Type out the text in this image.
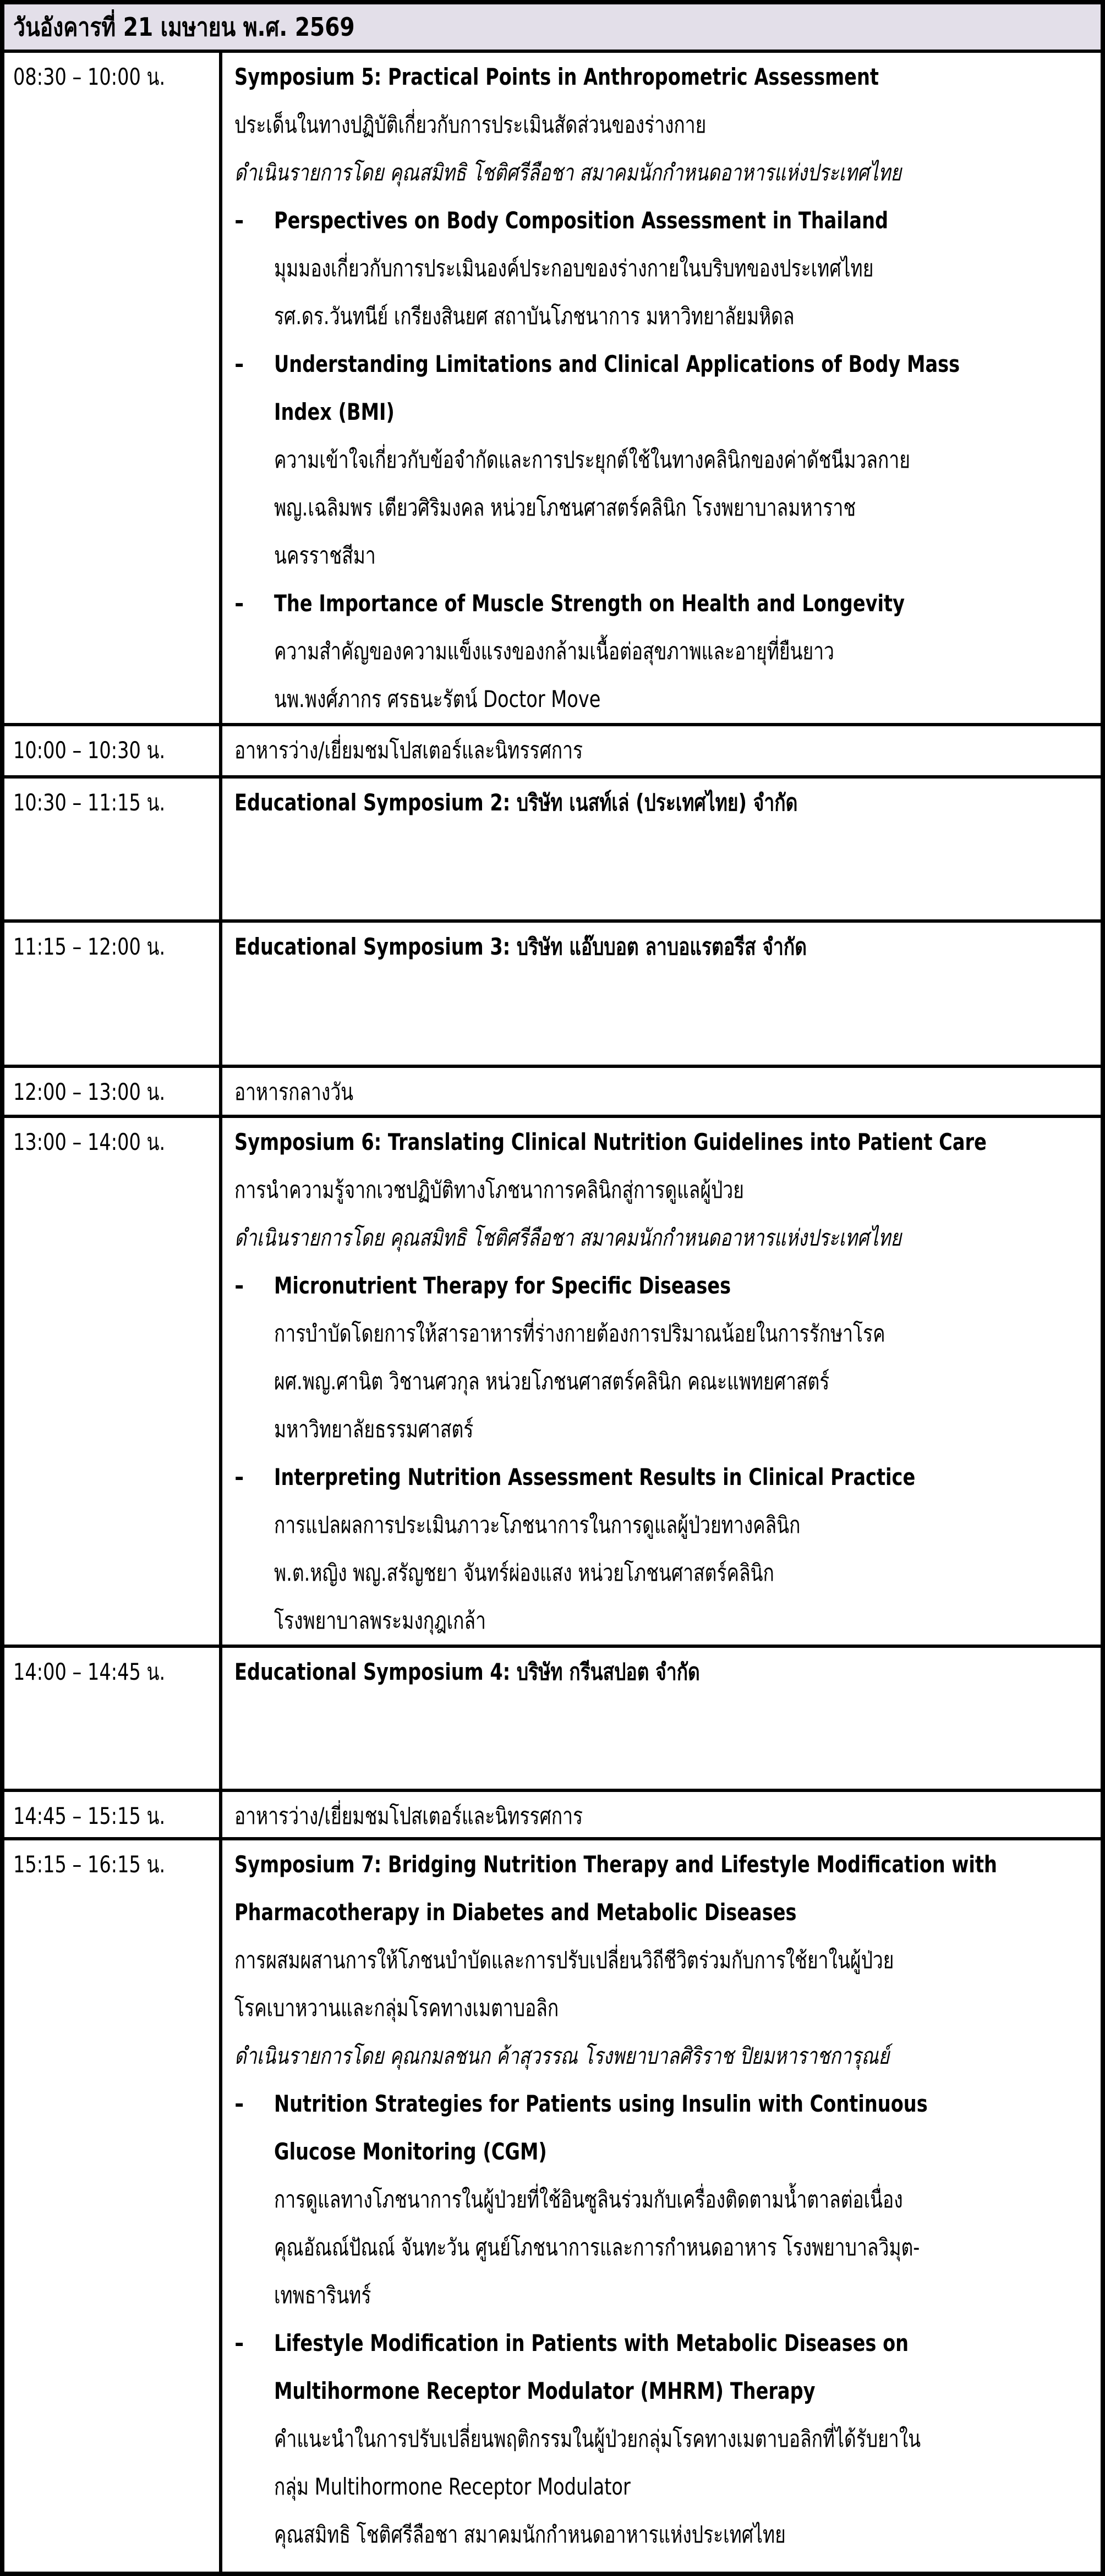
วันอังคารที่ 21 เมษายน พ.ศ. 2569
08:30 – 10:00 น.	Symposium 5: Practical Points in Anthropometric Assessment
ประเด็นในทางปฏิบัติเกี่ยวกับการประเมินสัดส่วนของร่างกาย
ดำเนินรายการโดย คุณสมิทธิ โชติศรีลือชา สมาคมนักกำหนดอาหารแห่งประเทศไทย
- Perspectives on Body Composition Assessment in Thailand
มุมมองเกี่ยวกับการประเมินองค์ประกอบของร่างกายในบริบทของประเทศไทย
รศ.ดร.วันทนีย์ เกรียงสินยศ สถาบันโภชนาการ มหาวิทยาลัยมหิดล
- Understanding Limitations and Clinical Applications of Body Mass
Index (BMI)
ความเข้าใจเกี่ยวกับข้อจำกัดและการประยุกต์ใช้ในทางคลินิกของค่าดัชนีมวลกาย
พญ.เฉลิมพร เตียวศิริมงคล หน่วยโภชนศาสตร์คลินิก โรงพยาบาลมหาราช
นครราชสีมา
- The Importance of Muscle Strength on Health and Longevity
ความสำคัญของความแข็งแรงของกล้ามเนื้อต่อสุขภาพและอายุที่ยืนยาว
นพ.พงศ์ภากร ศรธนะรัตน์ Doctor Move
10:00 – 10:30 น.	อาหารว่าง/เยี่ยมชมโปสเตอร์และนิทรรศการ
10:30 – 11:15 น.	Educational Symposium 2: บริษัท เนสท์เล่ (ประเทศไทย) จำกัด
11:15 – 12:00 น.	Educational Symposium 3: บริษัท แอ๊บบอต ลาบอแรตอรีส จำกัด
12:00 – 13:00 น.	อาหารกลางวัน
13:00 – 14:00 น.	Symposium 6: Translating Clinical Nutrition Guidelines into Patient Care
การนำความรู้จากเวชปฏิบัติทางโภชนาการคลินิกสู่การดูแลผู้ป่วย
ดำเนินรายการโดย คุณสมิทธิ โชติศรีลือชา สมาคมนักกำหนดอาหารแห่งประเทศไทย
- Micronutrient Therapy for Specific Diseases
การบำบัดโดยการให้สารอาหารที่ร่างกายต้องการปริมาณน้อยในการรักษาโรค
ผศ.พญ.ศานิต วิชานศวกุล หน่วยโภชนศาสตร์คลินิก คณะแพทยศาสตร์
มหาวิทยาลัยธรรมศาสตร์
- Interpreting Nutrition Assessment Results in Clinical Practice
การแปลผลการประเมินภาวะโภชนาการในการดูแลผู้ป่วยทางคลินิก
พ.ต.หญิง พญ.สรัญชยา จันทร์ผ่องแสง หน่วยโภชนศาสตร์คลินิก
โรงพยาบาลพระมงกุฎเกล้า
14:00 – 14:45 น.	Educational Symposium 4: บริษัท กรีนสปอต จำกัด
14:45 – 15:15 น.	อาหารว่าง/เยี่ยมชมโปสเตอร์และนิทรรศการ
15:15 – 16:15 น.	Symposium 7: Bridging Nutrition Therapy and Lifestyle Modification with
Pharmacotherapy in Diabetes and Metabolic Diseases
การผสมผสานการให้โภชนบำบัดและการปรับเปลี่ยนวิถีชีวิตร่วมกับการใช้ยาในผู้ป่วย
โรคเบาหวานและกลุ่มโรคทางเมตาบอลิก
ดำเนินรายการโดย คุณกมลชนก ค้าสุวรรณ โรงพยาบาลศิริราช ปิยมหาราชการุณย์
- Nutrition Strategies for Patients using Insulin with Continuous
Glucose Monitoring (CGM)
การดูแลทางโภชนาการในผู้ป่วยที่ใช้อินซูลินร่วมกับเครื่องติดตามน้ำตาลต่อเนื่อง
คุณอัณณ์ปัณณ์ จันทะวัน ศูนย์โภชนาการและการกำหนดอาหาร โรงพยาบาลวิมุต-
เทพธารินทร์
- Lifestyle Modification in Patients with Metabolic Diseases on
Multihormone Receptor Modulator (MHRM) Therapy
คำแนะนำในการปรับเปลี่ยนพฤติกรรมในผู้ป่วยกลุ่มโรคทางเมตาบอลิกที่ได้รับยาใน
กลุ่ม Multihormone Receptor Modulator
คุณสมิทธิ โชติศรีลือชา สมาคมนักกำหนดอาหารแห่งประเทศไทย
